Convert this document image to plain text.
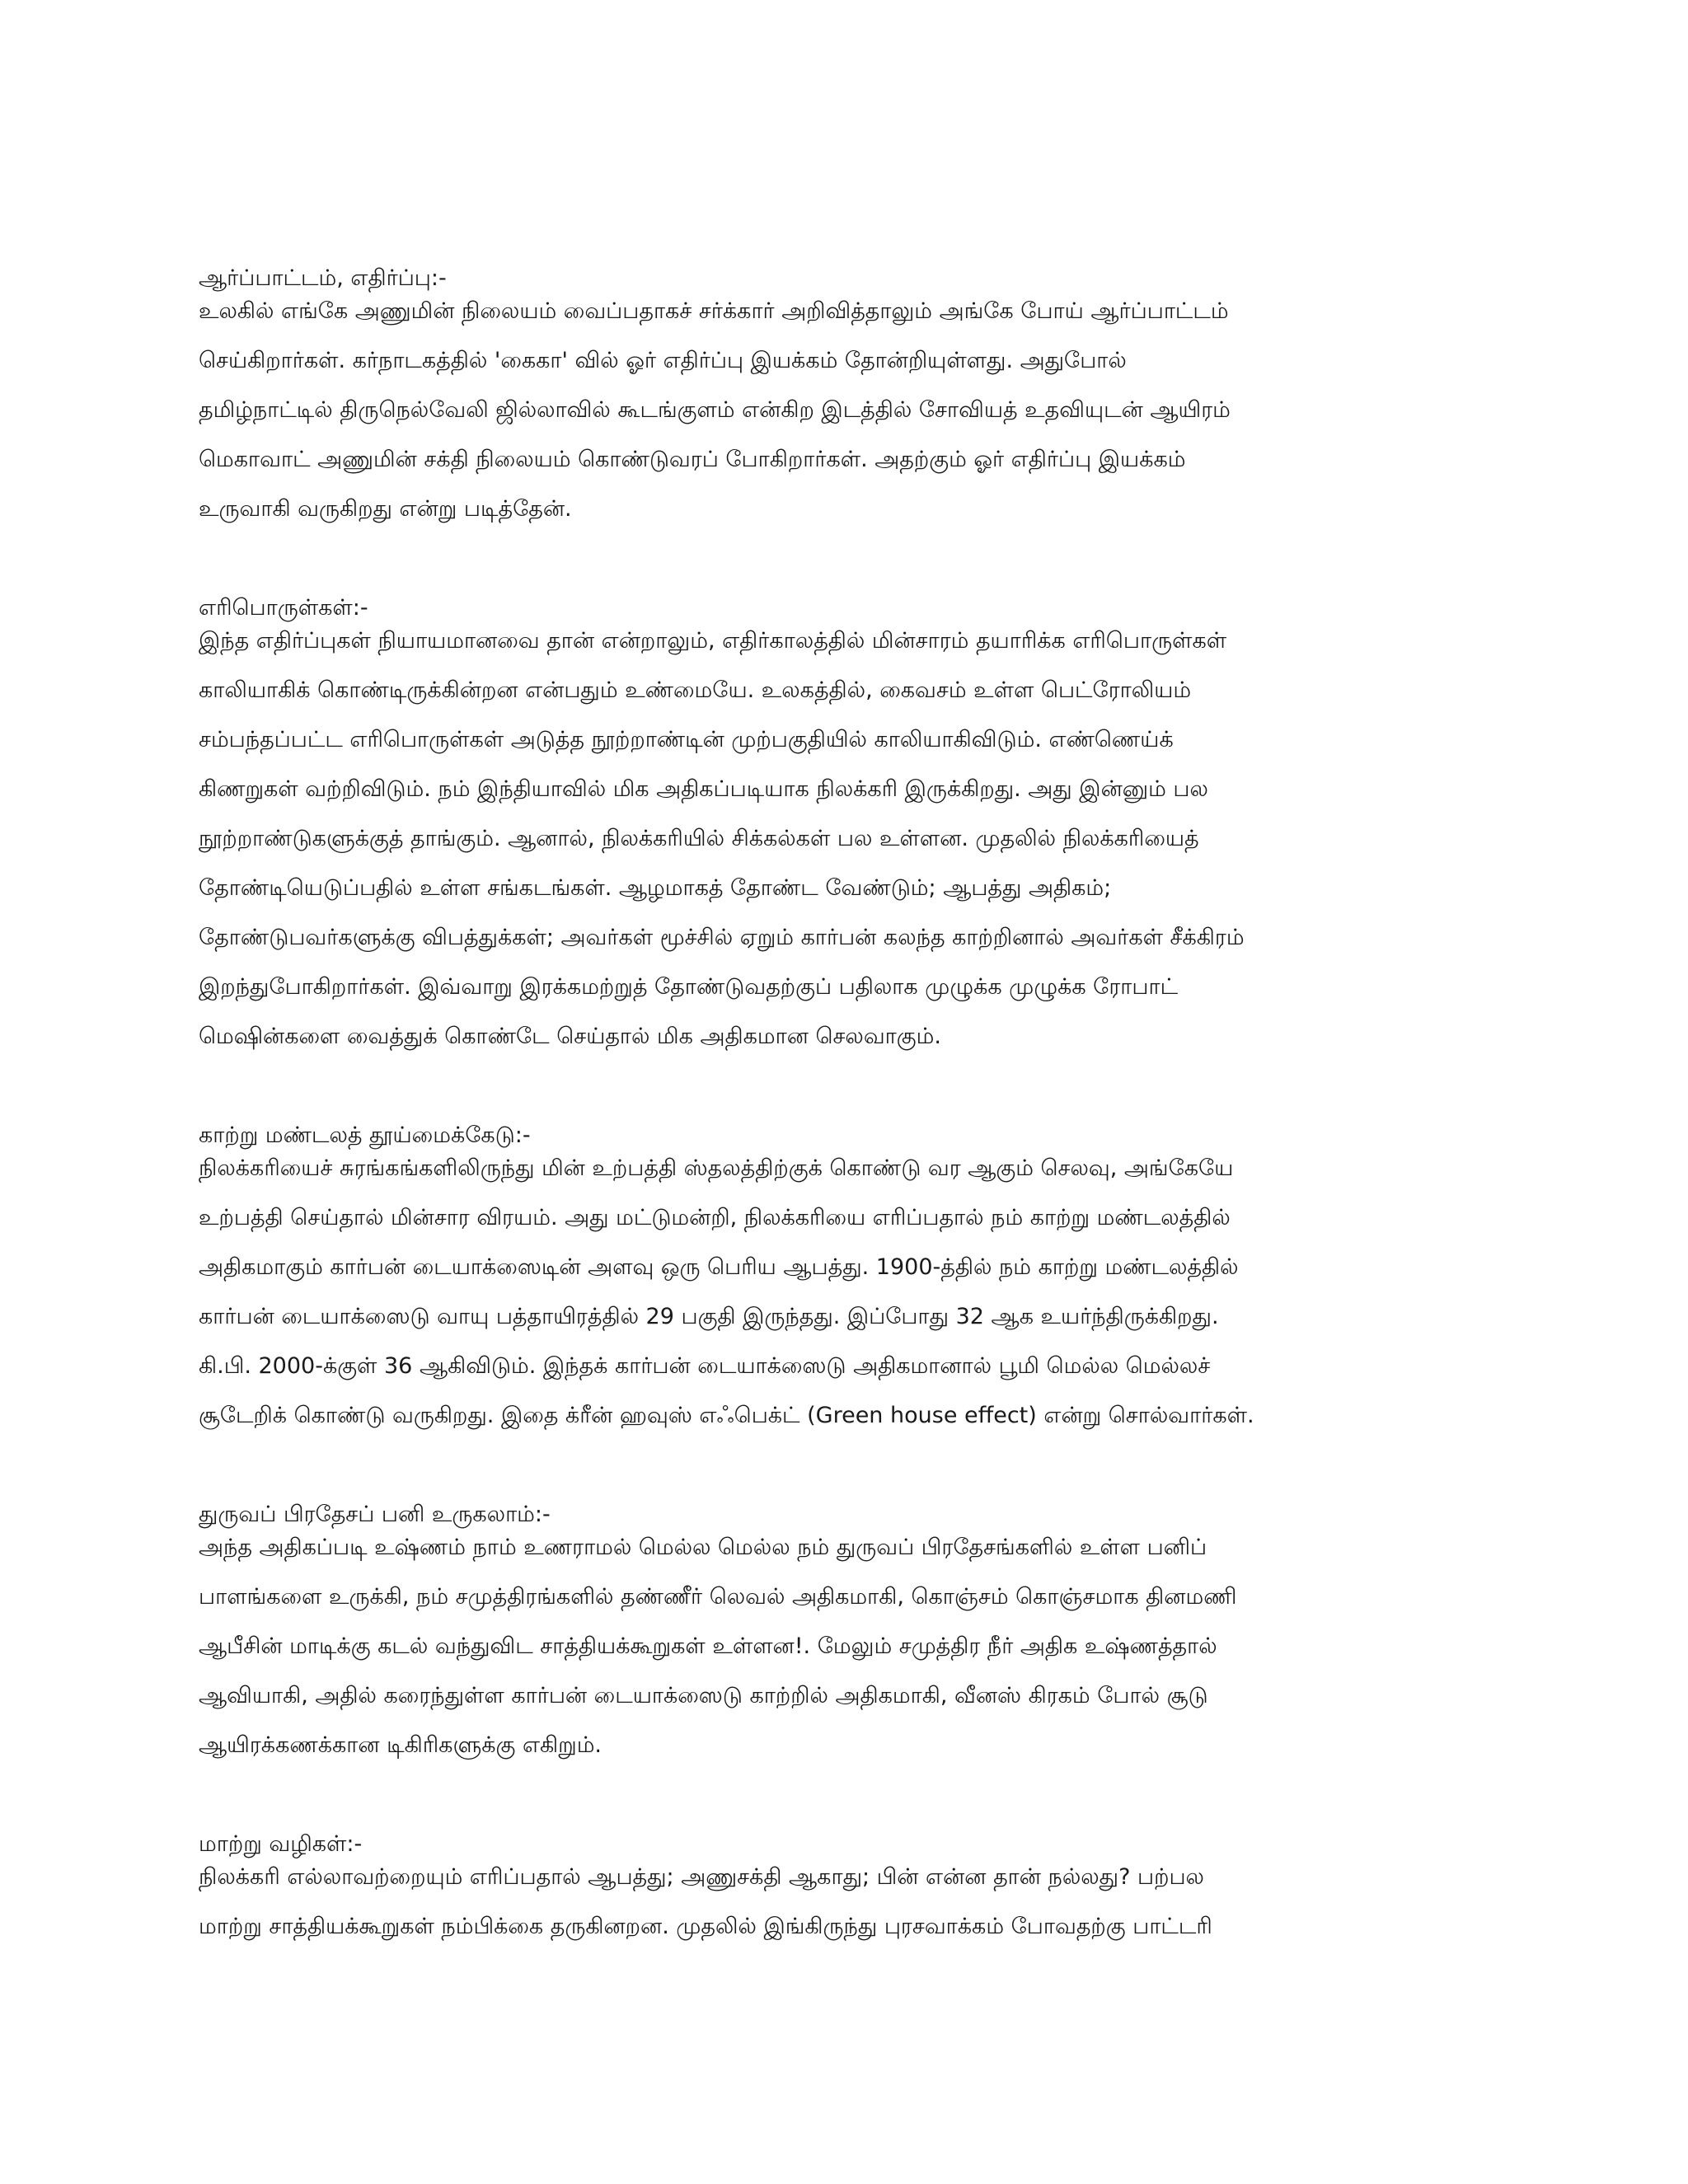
ஆர்ப்பாட்டம், எதிர்ப்பு:-

உலகில் எங்கே அணுமின் நிலையம் வைப்பதாகச் சர்க்கார் அறிவித்தாலும் அங்கே போய் ஆர்ப்பாட்டம்

செய்கிறார்கள். கர்நாடகத்தில் 'கைகா' வில் ஓர் எதிர்ப்பு இயக்கம் தோன்றியுள்ளது. அதுபோல்

தமிழ்நாட்டில் திருநெல்வேலி ஜில்லாவில் கூடங்குளம் என்கிற இடத்தில் சோவியத் உதவியுடன் ஆயிரம்

மெகாவாட் அணுமின் சக்தி நிலையம் கொண்டுவரப் போகிறார்கள். அதற்கும் ஓர் எதிர்ப்பு இயக்கம்

உருவாகி வருகிறது என்று படித்தேன்.

எரிபொருள்கள்:-

இந்த எதிர்ப்புகள் நியாயமானவை தான் என்றாலும், எதிர்காலத்தில் மின்சாரம் தயாரிக்க எரிபொருள்கள்

காலியாகிக் கொண்டிருக்கின்றன என்பதும் உண்மையே. உலகத்தில், கைவசம் உள்ள பெட்ரோலியம்

சம்பந்தப்பட்ட எரிபொருள்கள் அடுத்த நூற்றாண்டின் முற்பகுதியில் காலியாகிவிடும். எண்ணெய்க்

கிணறுகள் வற்றிவிடும். நம் இந்தியாவில் மிக அதிகப்படியாக நிலக்கரி இருக்கிறது. அது இன்னும் பல

நூற்றாண்டுகளுக்குத் தாங்கும். ஆனால், நிலக்கரியில் சிக்கல்கள் பல உள்ளன. முதலில் நிலக்கரியைத்

தோண்டியெடுப்பதில் உள்ள சங்கடங்கள். ஆழமாகத் தோண்ட வேண்டும்; ஆபத்து அதிகம்;

தோண்டுபவர்களுக்கு விபத்துக்கள்; அவர்கள் மூச்சில் ஏறும் கார்பன் கலந்த காற்றினால் அவர்கள் சீக்கிரம்

இறந்துபோகிறார்கள். இவ்வாறு இரக்கமற்றுத் தோண்டுவதற்குப் பதிலாக முழுக்க முழுக்க ரோபாட்

மெஷின்களை வைத்துக் கொண்டே செய்தால் மிக அதிகமான செலவாகும்.

காற்று மண்டலத் தூய்மைக்கேடு:-

நிலக்கரியைச் சுரங்கங்களிலிருந்து மின் உற்பத்தி ஸ்தலத்திற்குக் கொண்டு வர ஆகும் செலவு, அங்கேயே

உற்பத்தி செய்தால் மின்சார விரயம். அது மட்டுமன்றி, நிலக்கரியை எரிப்பதால் நம் காற்று மண்டலத்தில்

அதிகமாகும் கார்பன் டையாக்ஸைடின் அளவு ஒரு பெரிய ஆபத்து. 1900-த்தில் நம் காற்று மண்டலத்தில்

கார்பன் டையாக்ஸைடு வாயு பத்தாயிரத்தில் 29 பகுதி இருந்தது. இப்போது 32 ஆக உயர்ந்திருக்கிறது.

கி.பி. 2000-க்குள் 36 ஆகிவிடும். இந்தக் கார்பன் டையாக்ஸைடு அதிகமானால் பூமி மெல்ல மெல்லச்

சூடேறிக் கொண்டு வருகிறது. இதை க்ரீன் ஹவுஸ் எஃபெக்ட் (Green house effect) என்று சொல்வார்கள்.

துருவப் பிரதேசப் பனி உருகலாம்:-

அந்த அதிகப்படி உஷ்ணம் நாம் உணராமல் மெல்ல மெல்ல நம் துருவப் பிரதேசங்களில் உள்ள பனிப்

பாளங்களை உருக்கி, நம் சமுத்திரங்களில் தண்ணீர் லெவல் அதிகமாகி, கொஞ்சம் கொஞ்சமாக தினமணி

ஆபீசின் மாடிக்கு கடல் வந்துவிட சாத்தியக்கூறுகள் உள்ளன!. மேலும் சமுத்திர நீர் அதிக உஷ்ணத்தால்

ஆவியாகி, அதில் கரைந்துள்ள கார்பன் டையாக்ஸைடு காற்றில் அதிகமாகி, வீனஸ் கிரகம் போல் சூடு

ஆயிரக்கணக்கான டிகிரிகளுக்கு எகிறும்.

மாற்று வழிகள்:-

நிலக்கரி எல்லாவற்றையும் எரிப்பதால் ஆபத்து; அணுசக்தி ஆகாது; பின் என்ன தான் நல்லது? பற்பல

மாற்று சாத்தியக்கூறுகள் நம்பிக்கை தருகினறன. முதலில் இங்கிருந்து புரசவாக்கம் போவதற்கு பாட்டரி
